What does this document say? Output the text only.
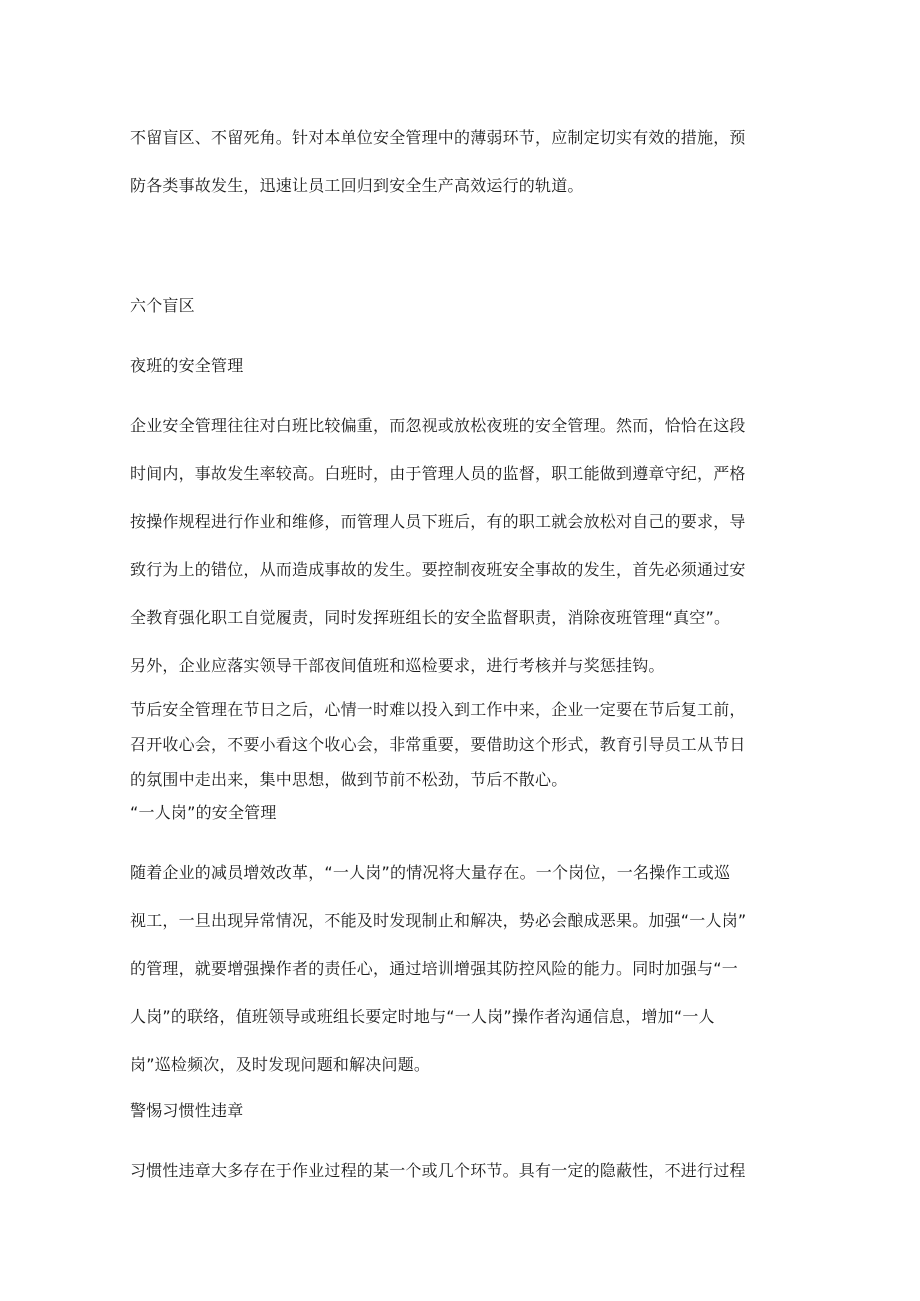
不留盲区、不留死角。针对本单位安全管理中的薄弱环节，应制定切实有效的措施，预
防各类事故发生，迅速让员工回归到安全生产高效运行的轨道。
六个盲区
夜班的安全管理
企业安全管理往往对白班比较偏重，而忽视或放松夜班的安全管理。然而，恰恰在这段
时间内，事故发生率较高。白班时，由于管理人员的监督，职工能做到遵章守纪，严格
按操作规程进行作业和维修，而管理人员下班后，有的职工就会放松对自己的要求，导
致行为上的错位，从而造成事故的发生。要控制夜班安全事故的发生，首先必须通过安
全教育强化职工自觉履责，同时发挥班组长的安全监督职责，消除夜班管理“真空”。
另外，企业应落实领导干部夜间值班和巡检要求，进行考核并与奖惩挂钩。
节后安全管理在节日之后，心情一时难以投入到工作中来，企业一定要在节后复工前，
召开收心会，不要小看这个收心会，非常重要，要借助这个形式，教育引导员工从节日
的氛围中走出来，集中思想，做到节前不松劲，节后不散心。
“一人岗”的安全管理
随着企业的减员增效改革，“一人岗”的情况将大量存在。一个岗位，一名操作工或巡
视工，一旦出现异常情况，不能及时发现制止和解决，势必会酿成恶果。加强“一人岗”
的管理，就要增强操作者的责任心，通过培训增强其防控风险的能力。同时加强与“一
人岗”的联络，值班领导或班组长要定时地与“一人岗”操作者沟通信息，增加“一人
岗”巡检频次，及时发现问题和解决问题。
警惕习惯性违章
习惯性违章大多存在于作业过程的某一个或几个环节。具有一定的隐蔽性，不进行过程
